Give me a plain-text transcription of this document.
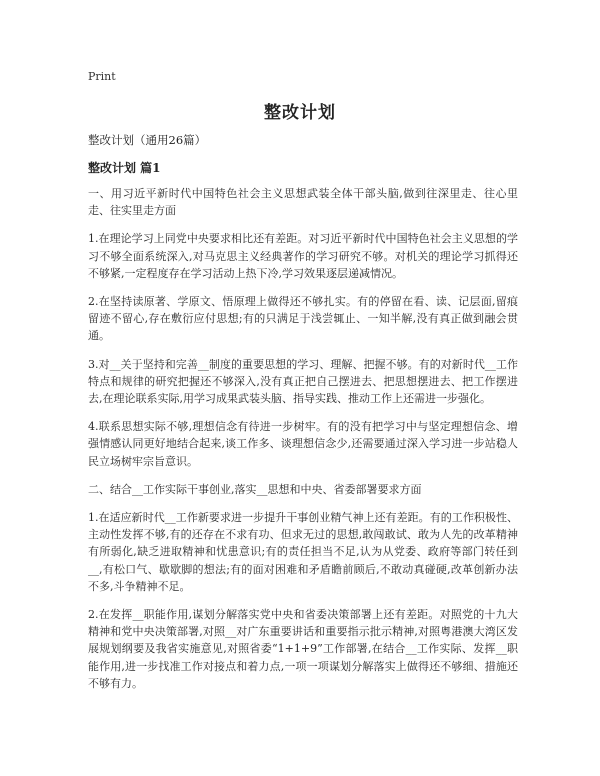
Print
整改计划
整改计划（通用26篇）
整改计划 篇1

一、用习近平新时代中国特色社会主义思想武装全体干部头脑,做到往深里走、往心里走、往实里走方面

1.在理论学习上同党中央要求相比还有差距。对习近平新时代中国特色社会主义思想的学习不够全面系统深入,对马克思主义经典著作的学习研究不够。对机关的理论学习抓得还不够紧,一定程度存在学习活动上热下冷,学习效果逐层递减情况。

2.在坚持读原著、学原文、悟原理上做得还不够扎实。有的停留在看、读、记层面,留痕留迹不留心,存在敷衍应付思想;有的只满足于浅尝辄止、一知半解,没有真正做到融会贯通。

3.对__关于坚持和完善__制度的重要思想的学习、理解、把握不够。有的对新时代__工作特点和规律的研究把握还不够深入,没有真正把自己摆进去、把思想摆进去、把工作摆进去,在理论联系实际,用学习成果武装头脑、指导实践、推动工作上还需进一步强化。

4.联系思想实际不够,理想信念有待进一步树牢。有的没有把学习中与坚定理想信念、增强情感认同更好地结合起来,谈工作多、谈理想信念少,还需要通过深入学习进一步站稳人民立场树牢宗旨意识。

二、结合__工作实际干事创业,落实__思想和中央、省委部署要求方面

1.在适应新时代__工作新要求进一步提升干事创业精气神上还有差距。有的工作积极性、主动性发挥不够,有的还存在不求有功、但求无过的思想,敢闯敢试、敢为人先的改革精神有所弱化,缺乏进取精神和忧患意识;有的责任担当不足,认为从党委、政府等部门转任到__,有松口气、歇歇脚的想法;有的面对困难和矛盾瞻前顾后,不敢动真碰硬,改革创新办法不多,斗争精神不足。

2.在发挥__职能作用,谋划分解落实党中央和省委决策部署上还有差距。对照党的十九大精神和党中央决策部署,对照__对广东重要讲话和重要指示批示精神,对照粤港澳大湾区发展规划纲要及我省实施意见,对照省委“1+1+9”工作部署,在结合__工作实际、发挥__职能作用,进一步找准工作对接点和着力点,一项一项谋划分解落实上做得还不够细、措施还不够有力。
